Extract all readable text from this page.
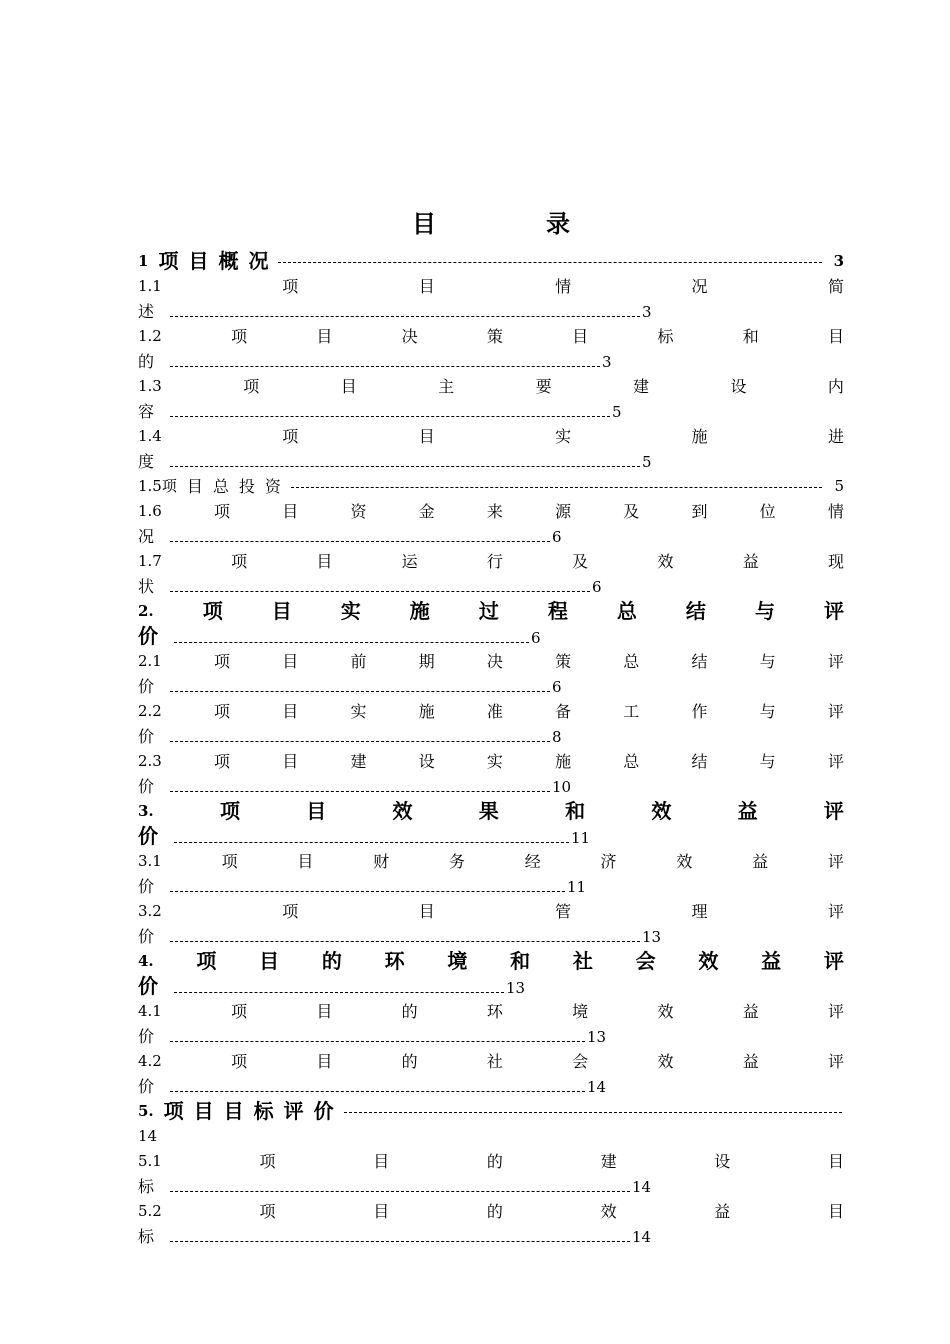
目	录
1 项 目 概 况	3
1.1	项	目	情	况	简
述	3
1.2	项	目	决	策	目	标	和	目
的	3
1.3	项	目	主	要	建	设	内
容	5
1.4	项	目	实	施	进
度	5
1.5项 目 总 投 资	5
1.6	项	目	资	金	来	源	及	到	位	情
况	6
1.7	项	目	运	行	及	效	益	现
状	6
2. 项 目 实 施 过 程 总 结 与 评
价	6
2.1	项	目	前	期	决	策	总	结	与	评
价	6
2.2	项	目	实	施	准	备	工	作	与	评
价	8
2.3	项	目	建	设	实	施	总	结	与	评
价	10
3.	项	目	效	果	和	效	益	评
价	11
3.1	项	目	财	务	经	济	效	益	评
价	11
3.2	项	目	管	理	评
价	13
4. 项 目 的 环 境 和 社 会 效 益 评
价	13
4.1	项	目	的	环	境	效	益	评
价	13
4.2	项	目	的	社	会	效	益	评
价	14
5. 项 目 目 标 评 价
14
5.1	项	目	的	建	设	目
标	14
5.2	项	目	的	效	益	目
标	14
